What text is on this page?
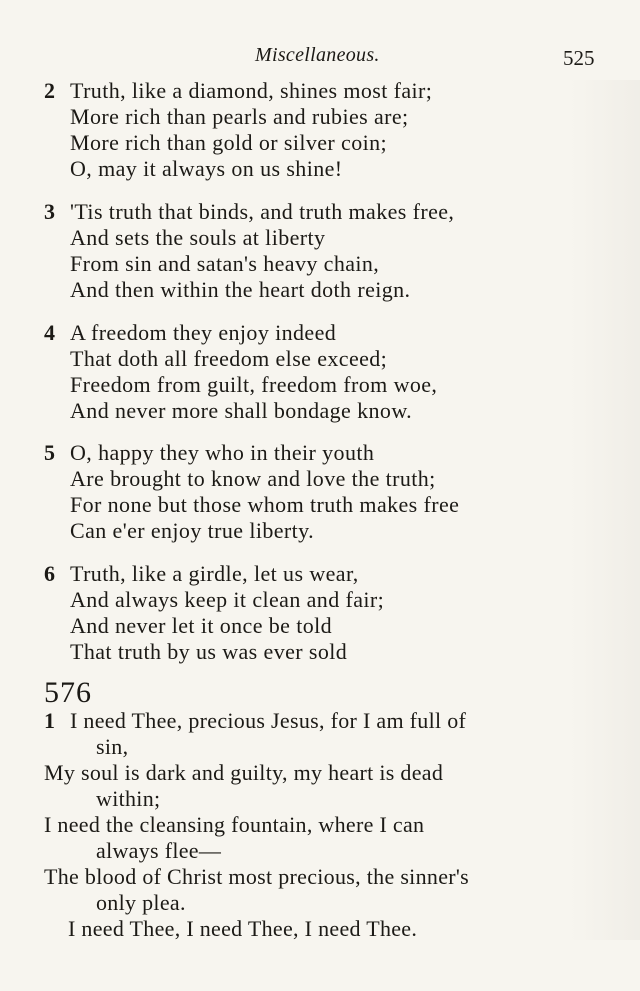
Miscellaneous.	525
2 Truth, like a diamond, shines most fair;
More rich than pearls and rubies are;
More rich than gold or silver coin;
O, may it always on us shine!
3 'Tis truth that binds, and truth makes free,
And sets the souls at liberty
From sin and satan's heavy chain,
And then within the heart doth reign.
4 A freedom they enjoy indeed
That doth all freedom else exceed;
Freedom from guilt, freedom from woe,
And never more shall bondage know.
5 O, happy they who in their youth
Are brought to know and love the truth;
For none but those whom truth makes free
Can e'er enjoy true liberty.
6 Truth, like a girdle, let us wear,
And always keep it clean and fair;
And never let it once be told
That truth by us was ever sold
576
1 I need Thee, precious Jesus, for I am full of
sin,
My soul is dark and guilty, my heart is dead
within;
I need the cleansing fountain, where I can
always flee—
The blood of Christ most precious, the sinner's
only plea.
I need Thee, I need Thee, I need Thee.
